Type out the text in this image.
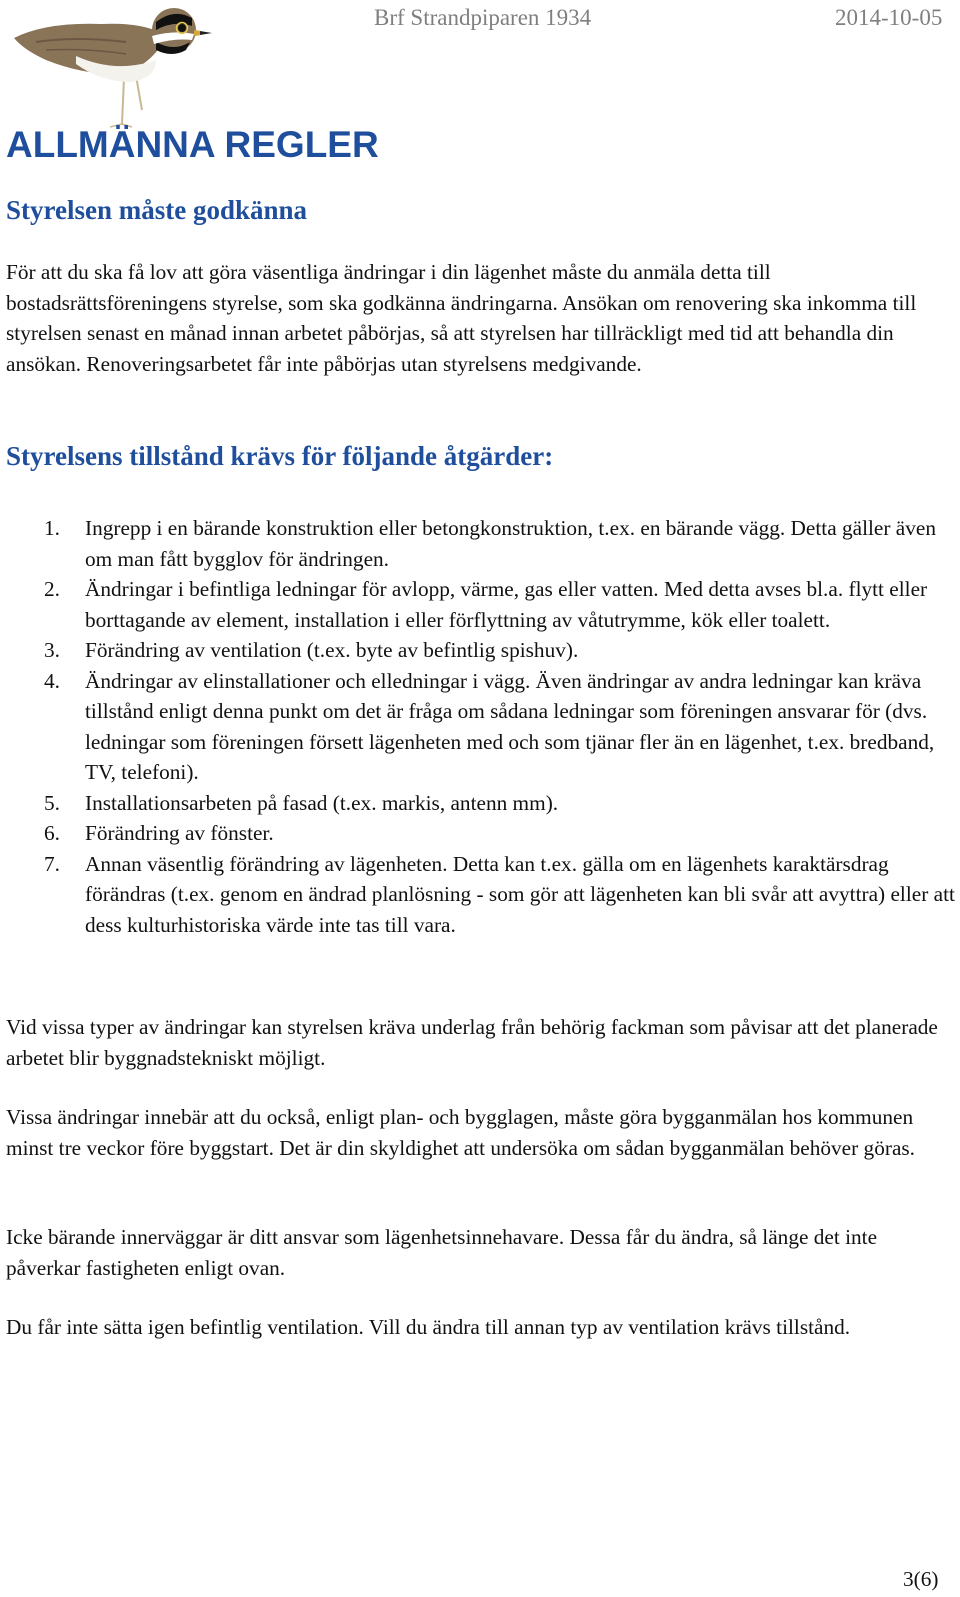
Brf Strandpiparen 1934	2014-10-05
ALLMÄNNA REGLER
Styrelsen måste godkänna

För att du ska få lov att göra väsentliga ändringar i din lägenhet måste du anmäla detta till bostadsrättsföreningens styrelse, som ska godkänna ändringarna. Ansökan om renovering ska inkomma till styrelsen senast en månad innan arbetet påbörjas, så att styrelsen har tillräckligt med tid att behandla din ansökan. Renoveringsarbetet får inte påbörjas utan styrelsens medgivande.

Styrelsens tillstånd krävs för följande åtgärder:
1. Ingrepp i en bärande konstruktion eller betongkonstruktion, t.ex. en bärande vägg. Detta gäller även om man fått bygglov för ändringen.
2. Ändringar i befintliga ledningar för avlopp, värme, gas eller vatten. Med detta avses bl.a. flytt eller borttagande av element, installation i eller förflyttning av våtutrymme, kök eller toalett.
3. Förändring av ventilation (t.ex. byte av befintlig spishuv).
4. Ändringar av elinstallationer och elledningar i vägg. Även ändringar av andra ledningar kan kräva tillstånd enligt denna punkt om det är fråga om sådana ledningar som föreningen ansvarar för (dvs. ledningar som föreningen försett lägenheten med och som tjänar fler än en lägenhet, t.ex. bredband, TV, telefoni).
5. Installationsarbeten på fasad (t.ex. markis, antenn mm).
6. Förändring av fönster.
7. Annan väsentlig förändring av lägenheten. Detta kan t.ex. gälla om en lägenhets karaktärsdrag förändras (t.ex. genom en ändrad planlösning - som gör att lägenheten kan bli svår att avyttra) eller att dess kulturhistoriska värde inte tas till vara.

Vid vissa typer av ändringar kan styrelsen kräva underlag från behörig fackman som påvisar att det planerade arbetet blir byggnadstekniskt möjligt.

Vissa ändringar innebär att du också, enligt plan- och bygglagen, måste göra bygganmälan hos kommunen minst tre veckor före byggstart. Det är din skyldighet att undersöka om sådan bygganmälan behöver göras.

Icke bärande innerväggar är ditt ansvar som lägenhetsinnehavare. Dessa får du ändra, så länge det inte påverkar fastigheten enligt ovan.

Du får inte sätta igen befintlig ventilation. Vill du ändra till annan typ av ventilation krävs tillstånd.

3(6)
